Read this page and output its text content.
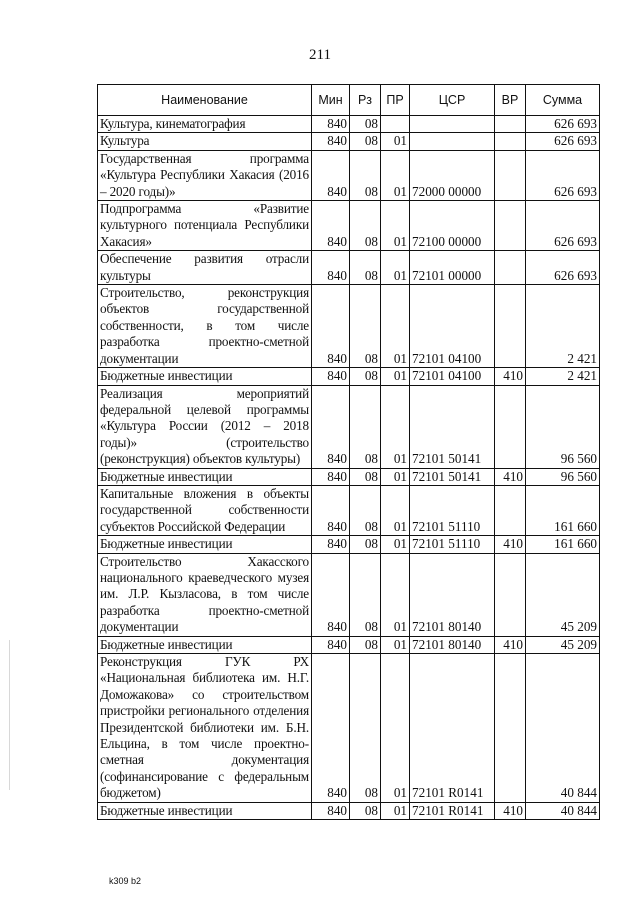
211
Наименование	Мин	Рз	ПР	ЦСР	ВР	Сумма
Культура, кинематография	840	08				626 693
Культура	840	08	01			626 693
Государственная программа «Культура Республики Хакасия (2016 – 2020 годы)»	840	08	01	72000 00000		626 693
Подпрограмма «Развитие культурного потенциала Республики Хакасия»	840	08	01	72100 00000		626 693
Обеспечение развития отрасли культуры	840	08	01	72101 00000		626 693
Строительство, реконструкция объектов государственной собственности, в том числе разработка проектно-сметной документации	840	08	01	72101 04100		2 421
Бюджетные инвестиции	840	08	01	72101 04100	410	2 421
Реализация мероприятий федеральной целевой программы «Культура России (2012 – 2018 годы)» (строительство (реконструкция) объектов культуры)	840	08	01	72101 50141		96 560
Бюджетные инвестиции	840	08	01	72101 50141	410	96 560
Капитальные вложения в объекты государственной собственности субъектов Российской Федерации	840	08	01	72101 51110		161 660
Бюджетные инвестиции	840	08	01	72101 51110	410	161 660
Строительство Хакасского национального краеведческого музея им. Л.Р. Кызласова, в том числе разработка проектно-сметной документации	840	08	01	72101 80140		45 209
Бюджетные инвестиции	840	08	01	72101 80140	410	45 209
Реконструкция ГУК РХ «Национальная библиотека им. Н.Г. Доможакова» со строительством пристройки регионального отделения Президентской библиотеки им. Б.Н. Ельцина, в том числе проектно-сметная документация (софинансирование с федеральным бюджетом)	840	08	01	72101 R0141		40 844
Бюджетные инвестиции	840	08	01	72101 R0141	410	40 844
k309 b2
